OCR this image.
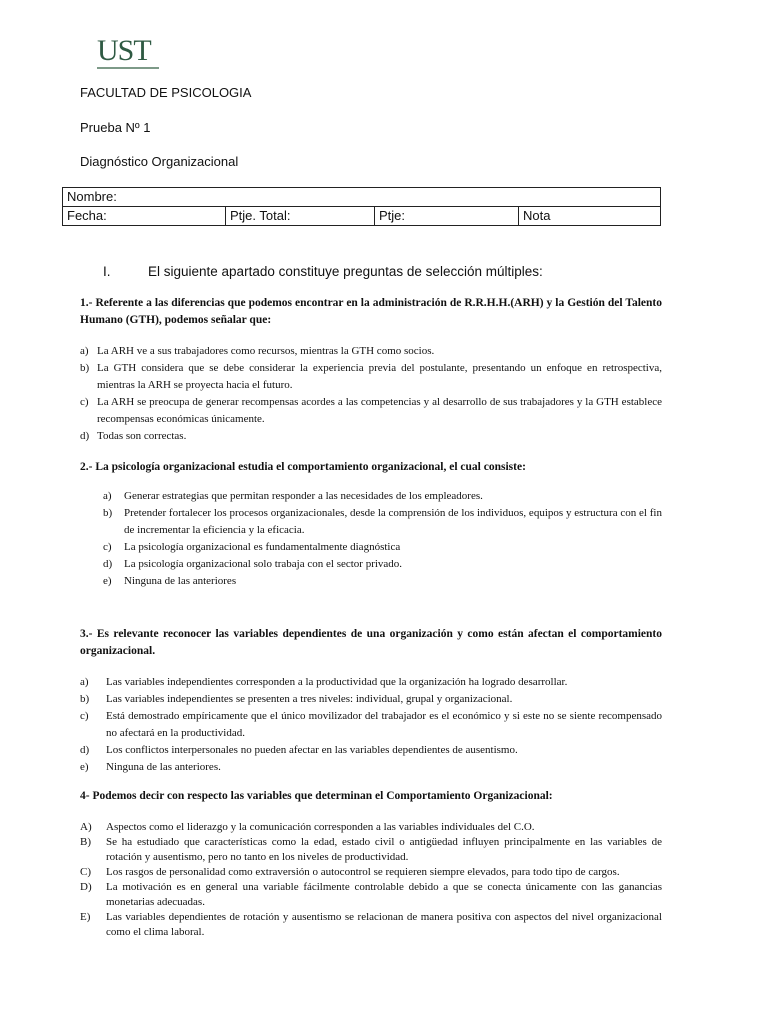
UST
FACULTAD DE PSICOLOGIA
Prueba Nº 1
Diagnóstico Organizacional
Nombre:
Fecha:	Ptje. Total:	Ptje:	Nota
I.	El siguiente apartado constituye preguntas de selección múltiples:
1.- Referente a las diferencias que podemos encontrar en la administración de R.R.H.H.(ARH) y la Gestión del Talento Humano (GTH), podemos señalar que:
a) La ARH ve a sus trabajadores como recursos, mientras la GTH como socios.
b) La GTH considera que se debe considerar la experiencia previa del postulante, presentando un enfoque en retrospectiva, mientras la ARH se proyecta hacia el futuro.
c) La ARH se preocupa de generar recompensas acordes a las competencias y al desarrollo de sus trabajadores y la GTH establece recompensas económicas únicamente.
d) Todas son correctas.
2.- La psicología organizacional estudia el comportamiento organizacional, el cual consiste:
a)	Generar estrategias que permitan responder a las necesidades de los empleadores.
b)	Pretender fortalecer los procesos organizacionales, desde la comprensión de los individuos, equipos y estructura con el fin de incrementar la eficiencia y la eficacia.
c)	La psicología organizacional es fundamentalmente diagnóstica
d)	La psicología organizacional solo trabaja con el sector privado.
e)	Ninguna de las anteriores
3.- Es relevante reconocer las variables dependientes de una organización y como están afectan el comportamiento organizacional.
a)	Las variables independientes corresponden a la productividad que la organización ha logrado desarrollar.
b)	Las variables independientes se presenten a tres niveles: individual, grupal y organizacional.
c)	Está demostrado empíricamente que el único movilizador del trabajador es el económico y si este no se siente recompensado no afectará en la productividad.
d)	Los conflictos interpersonales no pueden afectar en las variables dependientes de ausentismo.
e)	Ninguna de las anteriores.
4- Podemos decir con respecto las variables que determinan el Comportamiento Organizacional:
A)	Aspectos como el liderazgo y la comunicación corresponden a las variables individuales del C.O.
B)	Se ha estudiado que características como la edad, estado civil o antigüedad influyen principalmente en las variables de rotación y ausentismo, pero no tanto en los niveles de productividad.
C)	Los rasgos de personalidad como extraversión o autocontrol se requieren siempre elevados, para todo tipo de cargos.
D)	La motivación es en general una variable fácilmente controlable debido a que se conecta únicamente con las ganancias monetarias adecuadas.
E)	Las variables dependientes de rotación y ausentismo se relacionan de manera positiva con aspectos del nivel organizacional como el clima laboral.
